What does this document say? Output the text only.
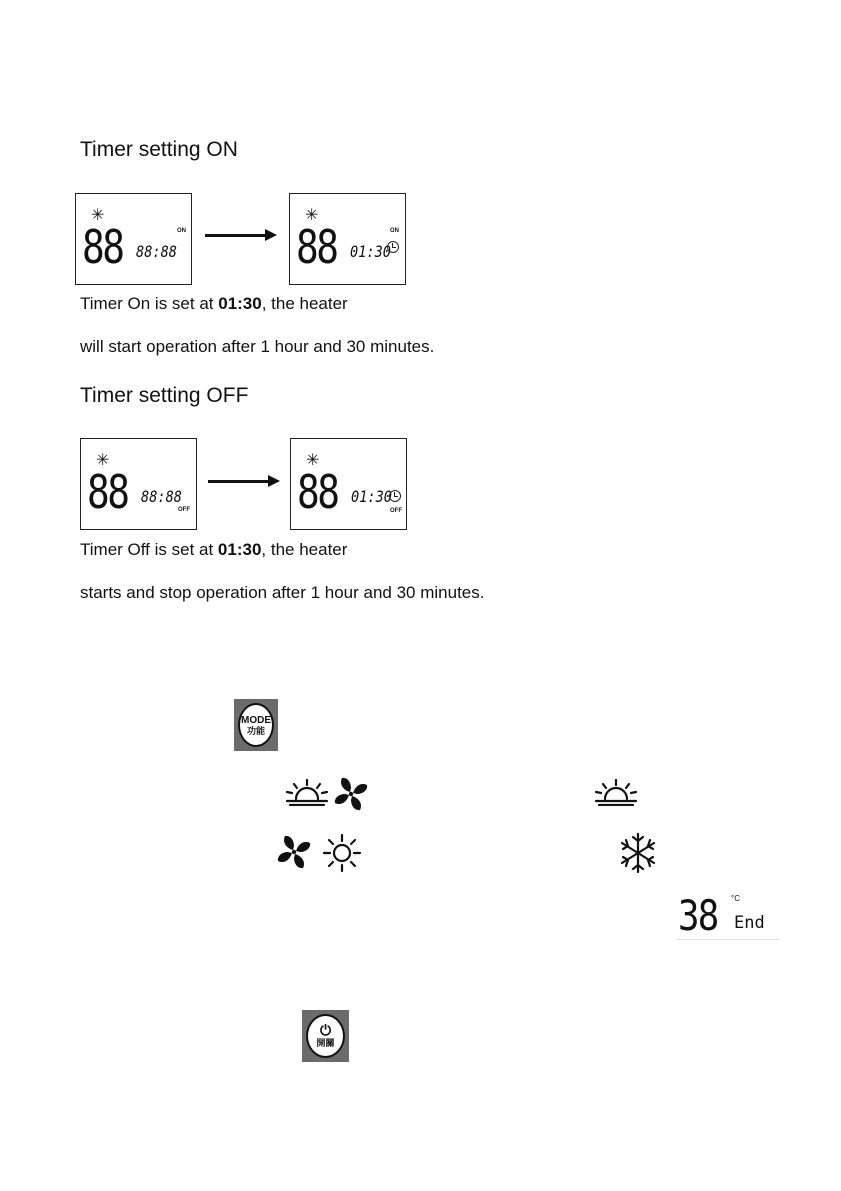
Timer setting ON
✳
88 88:88
ON
✳
88 01:30
ON
Timer On is set at 01:30, the heater
will start operation after 1 hour and 30 minutes.
Timer setting OFF
✳
88 88:88
OFF
✳
88 01:30
OFF
Timer Off is set at 01:30, the heater
starts and stop operation after 1 hour and 30 minutes.
MODE
功能
38 °C
End
⏻
開關
